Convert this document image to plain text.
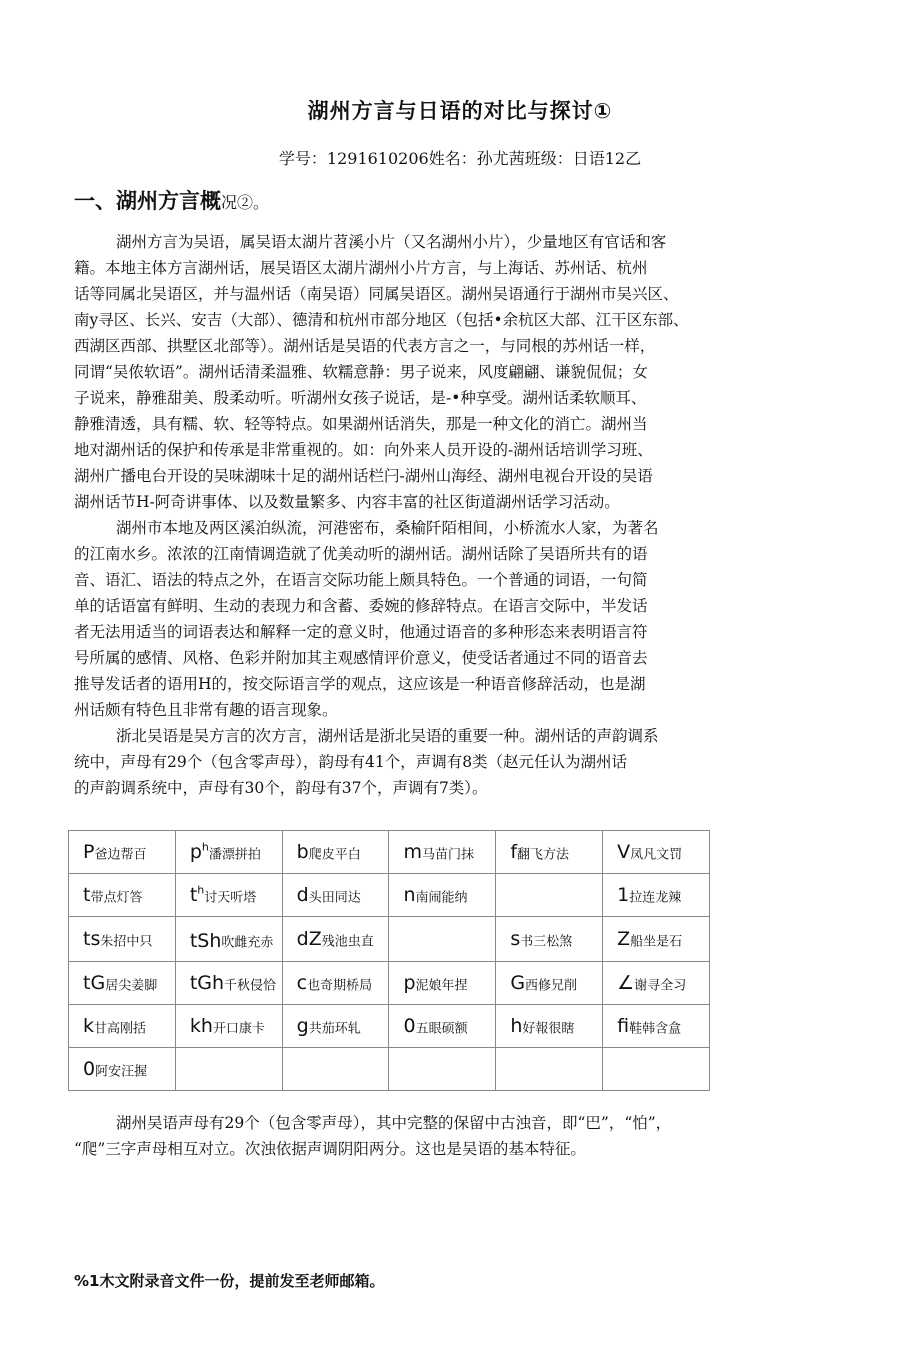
湖州方言与日语的对比与探讨①
学号：1291610206姓名：孙尤茜班级：日语12乙
一、湖州方言概况②。

湖州方言为吴语，属吴语太湖片苕溪小片（又名湖州小片），少量地区有官话和客

籍。本地主体方言湖州话，展吴语区太湖片湖州小片方言，与上海话、苏州话、杭州

话等同属北吴语区，并与温州话（南吴语）同属吴语区。湖州吴语通行于湖州市吴兴区、

南y寻区、长兴、安吉（大部）、德清和杭州市部分地区（包括•余杭区大部、江干区东部、

西湖区西部、拱墅区北部等）。湖州话是吴语的代表方言之一，与同根的苏州话一样，

同谓“吴侬软语”。湖州话清柔温雅、软糯意静：男子说来，风度翩翩、谦貌侃侃；女

子说来，静雅甜美、殷柔动听。听湖州女孩子说话，是-•种享受。湖州话柔软顺耳、

静雅清透，具有糯、软、轻等特点。如果湖州话消失，那是一种文化的消亡。湖州当

地对湖州话的保护和传承是非常重视的。如：向外来人员开设的-湖州话培训学习班、

湖州广播电台开设的吴味湖味十足的湖州话栏闩-湖州山海经、湖州电视台开设的吴语

湖州话节H-阿奇讲事体、以及数量繁多、内容丰富的社区街道湖州话学习活动。

湖州市本地及两区溪泊纵流，河港密布，桑榆阡陌相间，小桥流水人家，为著名

的江南水乡。浓浓的江南情调造就了优美动听的湖州话。湖州话除了吴语所共有的语

音、语汇、语法的特点之外，在语言交际功能上颇具特色。一个普通的词语，一句简

单的话语富有鲜明、生动的表现力和含蓄、委婉的修辞特点。在语言交际中，半发话

者无法用适当的词语表达和解释一定的意义时，他通过语音的多种形态来表明语言符

号所属的感情、风格、色彩并附加其主观感情评价意义，使受话者通过不同的语音去

推导发话者的语用H的，按交际语言学的观点，这应该是一种语音修辞活动，也是湖

州话颇有特色且非常有趣的语言现象。

浙北吴语是吴方言的次方言，湖州话是浙北吴语的重要一种。湖州话的声韵调系

统中，声母有29个（包含零声母），韵母有41个，声调有8类（赵元任认为湖州话

的声韵调系统中，声母有30个，韵母有37个，声调有7类）。

P爸边帮百	$p^h$潘漂拼拍	b爬皮平白	m马苗门抹	f翻飞方法	V凤凡文罚
t带点灯答	$t^h$讨天听塔	d头田同达	n南闹能纳		1拉连龙辣
ts朱招中只	tSh吹雌充赤	dZ残池虫直		s书三松煞	Z船坐是石
tG居尖姜脚	tGh千秋侵恰	c也奇期桥局	p泥娘年捏	G西修兄削	∠谢寻全习
k甘高刚括	kh开口康卡	g共茄环轧	0五眼硕额	h好報很瞎	fi鞋韩含盒
0阿安汪握					

湖州吴语声母有29个（包含零声母），其中完整的保留中古浊音，即“巴”，“怕”，

“爬”三字声母相互对立。次浊依据声调阴阳两分。这也是吴语的基本特征。

%1木文附录音文件一份，提前发至老师邮箱。
